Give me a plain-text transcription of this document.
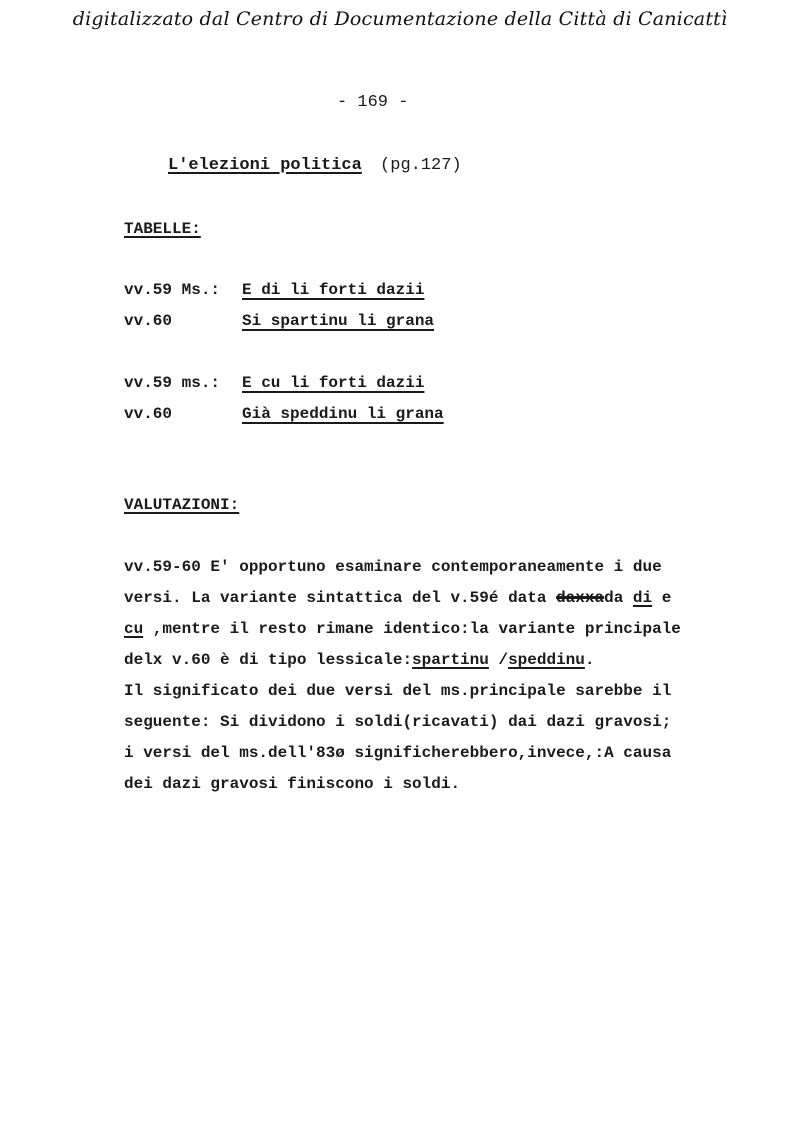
digitalizzato dal Centro di Documentazione della Città di Canicattì
- 169 -
L'elezioni politica (pg.127)
TABELLE:
vv.59 Ms.: E di li forti dazii
vv.60	Si spartinu li grana
vv.59 ms.: E cu li forti dazii
vv.60	Già speddinu li grana
VALUTAZIONI:
vv.59-60 E' opportuno esaminare contemporaneamente i due
versi. La variante sintattica del v.59é data daxxada di e
cu ,mentre il resto rimane identico:la variante principale
delx v.60 è di tipo lessicale:spartinu /speddinu.
Il significato dei due versi del ms.principale sarebbe il
seguente: Si dividono i soldi(ricavati) dai dazi gravosi;
i versi del ms.dell'83ø significherebbero,invece,:A causa
dei dazi gravosi finiscono i soldi.
